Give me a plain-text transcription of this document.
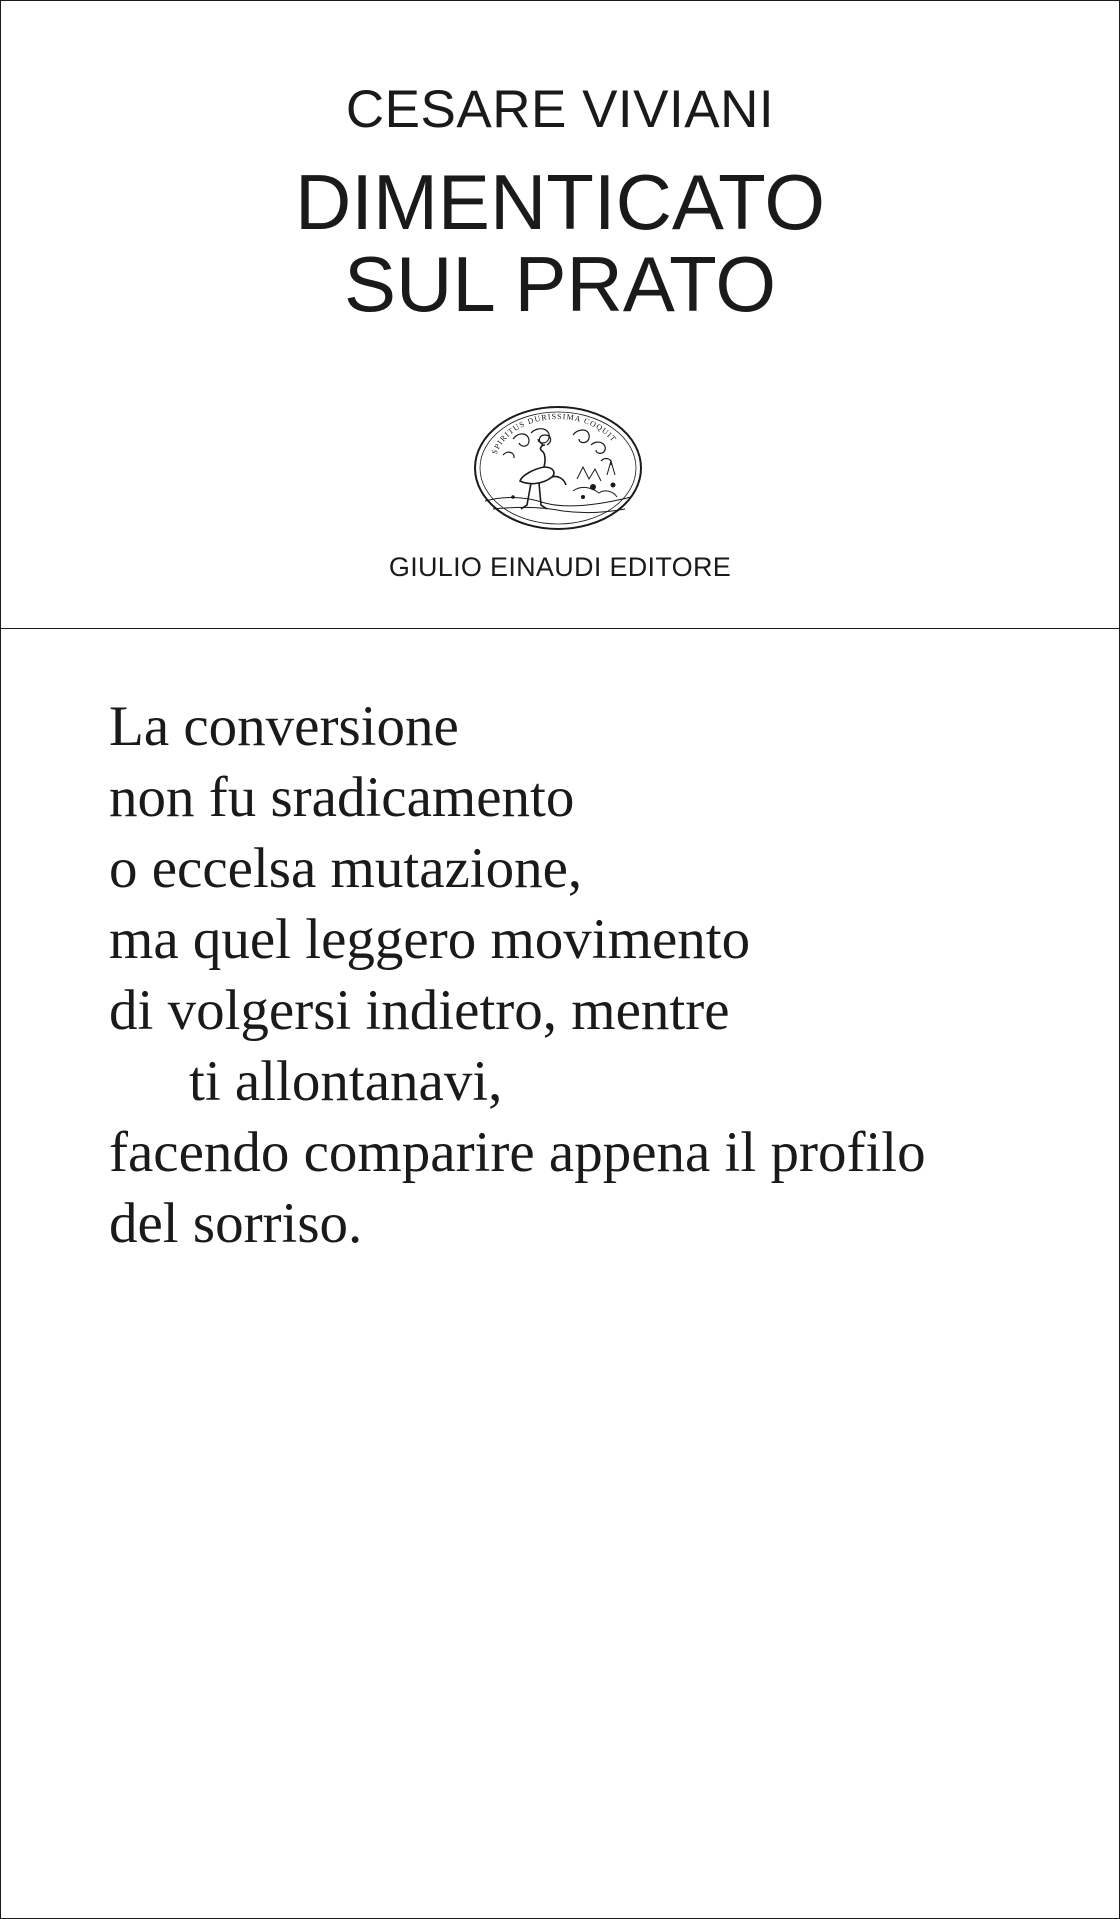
CESARE VIVIANI
DIMENTICATO
SUL PRATO
SPIRITUS DURISSIMA COQUIT
GIULIO EINAUDI EDITORE
La conversione
non fu sradicamento
o eccelsa mutazione,
ma quel leggero movimento
di volgersi indietro, mentre
ti allontanavi,
facendo comparire appena il profilo
del sorriso.
